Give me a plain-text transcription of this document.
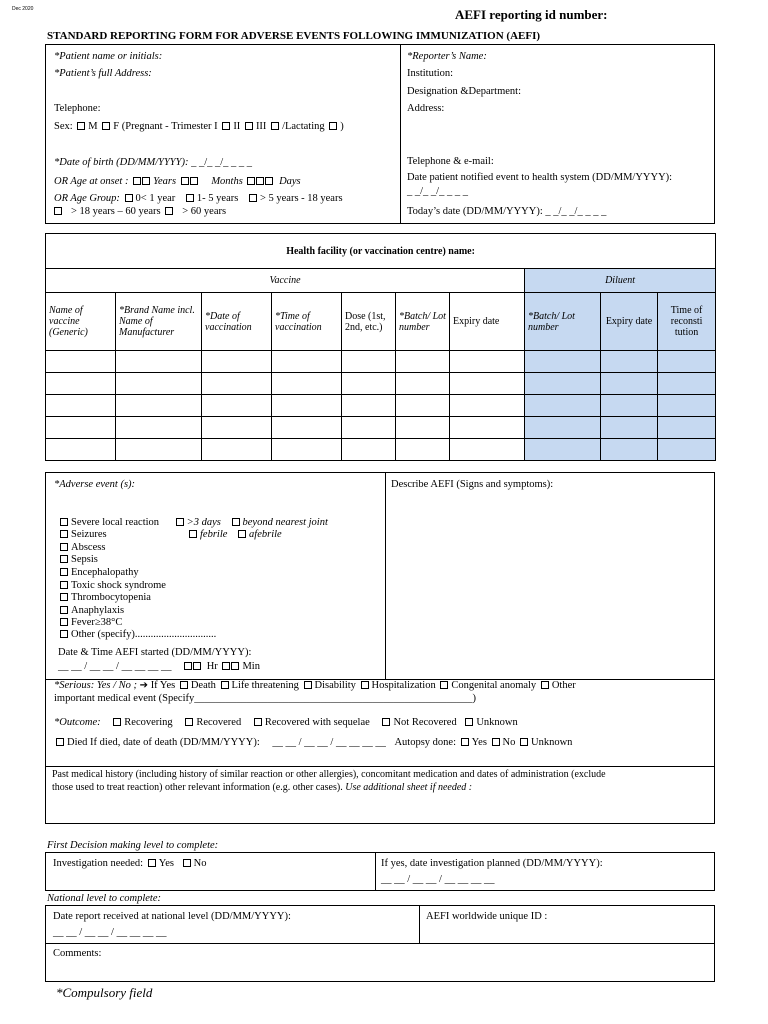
Dec 2020	AEFI reporting id number:
STANDARD REPORTING FORM FOR ADVERSE EVENTS FOLLOWING IMMUNIZATION (AEFI)
*Patient name or initials:
*Patient’s full Address:
Telephone:
Sex: M F (Pregnant - Trimester I II III /Lactating )
*Date of birth (DD/MM/YYYY): _ _/_ _/_ _ _ _
OR Age at onset : Years	Months	Days
OR Age Group: 0< 1 year 1- 5 years > 5 years - 18 years
> 18 years – 60 years > 60 years
*Reporter’s Name:
Institution:
Designation &Department:
Address:
Telephone & e-mail:
Date patient notified event to health system (DD/MM/YYYY):
_ _/_ _/_ _ _ _
Today’s date (DD/MM/YYYY): _ _/_ _/_ _ _ _
Health facility (or vaccination centre) name:									
Vaccine							Diluent		
Name of vaccine (Generic)	*Brand Name incl. Name of Manufacturer	*Date of vaccination	*Time of vaccination	Dose (1st, 2nd, etc.)	*Batch/ Lot number	Expiry date	*Batch/ Lot number	Expiry date	Time of reconsti tution

*Adverse event (s):	Describe AEFI (Signs and symptoms):
Severe local reaction	>3 days beyond nearest joint
Seizures	febrile afebrile
Abscess
Sepsis
Encephalopathy
Toxic shock syndrome
Thrombocytopenia
Anaphylaxis
Fever≥38°C
Other (specify)...............................
Date & Time AEFI started (DD/MM/YYYY):
__ __ / __ __ / __ __ __ __	Hr Min
*Serious: Yes / No ; ➔ If Yes Death Life threatening Disability Hospitalization Congenital anomaly Other
important medical event (Specify_____________________________________________________)
*Outcome: Recovering Recovered Recovered with sequelae Not Recovered Unknown
Died If died, date of death (DD/MM/YYYY): __ __ / __ __ / __ __ __ __ Autopsy done: Yes No Unknown
Past medical history (including history of similar reaction or other allergies), concomitant medication and dates of administration (exclude
those used to treat reaction) other relevant information (e.g. other cases). Use additional sheet if needed :
First Decision making level to complete:
Investigation needed: Yes No	If yes, date investigation planned (DD/MM/YYYY):
__ __ / __ __ / __ __ __ __
National level to complete:
Date report received at national level (DD/MM/YYYY):
__ __ / __ __ / __ __ __ __
AEFI worldwide unique ID :
Comments:
*Compulsory field
